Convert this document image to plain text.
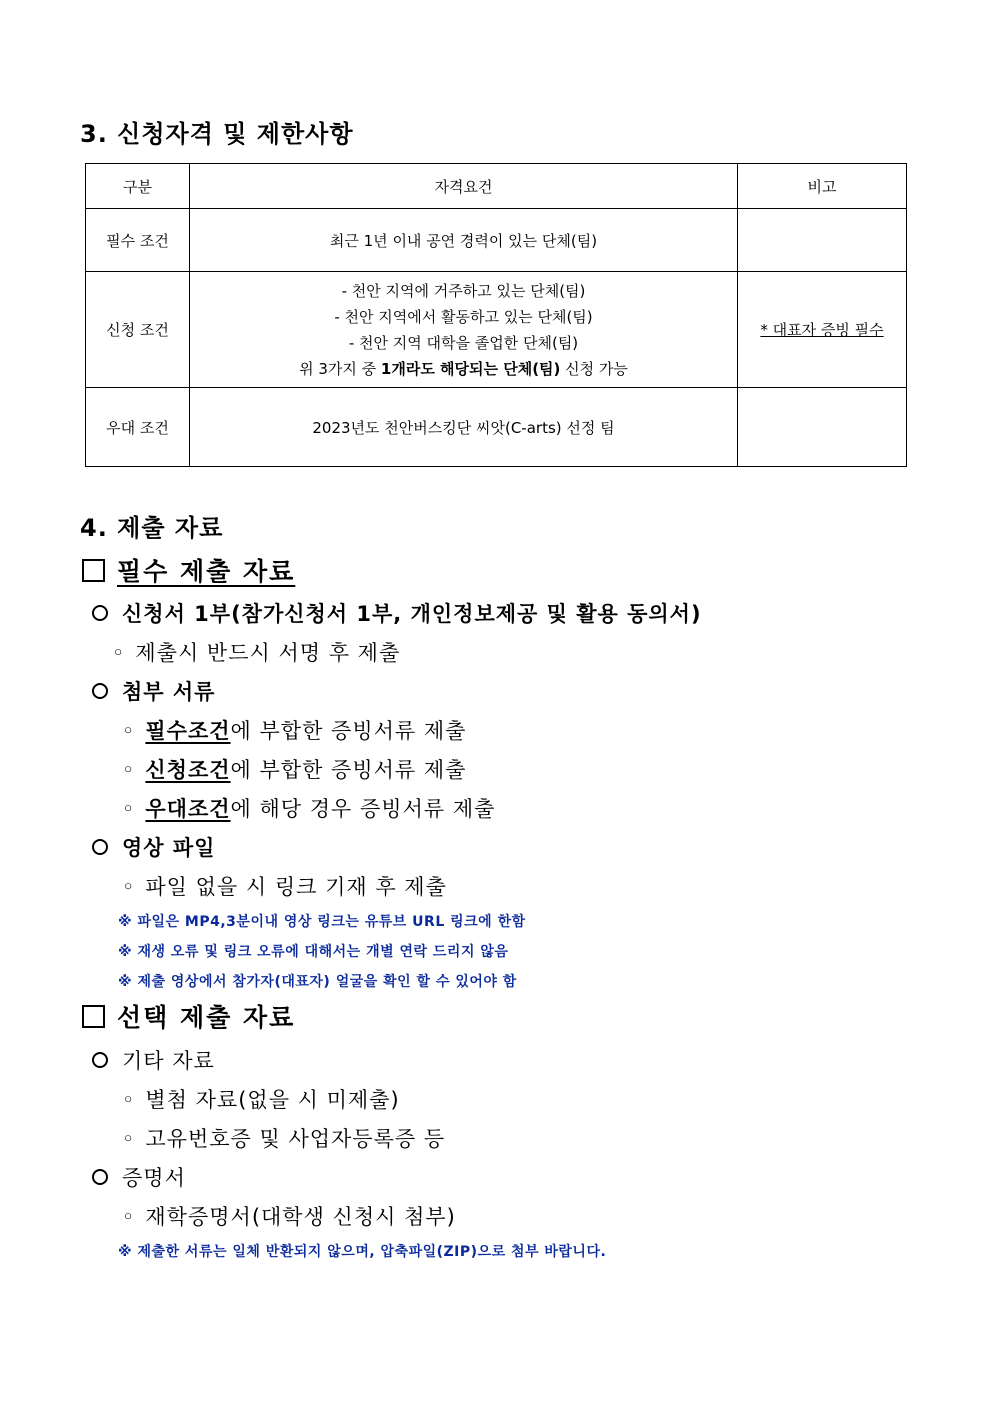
3. 신청자격 및 제한사항
구분	자격요건	비고
필수 조건	최근 1년 이내 공연 경력이 있는 단체(팀)	
신청 조건	- 천안 지역에 거주하고 있는 단체(팀)
- 천안 지역에서 활동하고 있는 단체(팀)
- 천안 지역 대학을 졸업한 단체(팀)
위 3가지 중 1개라도 해당되는 단체(팀) 신청 가능	* 대표자 증빙 필수
우대 조건	2023년도 천안버스킹단 씨앗(C-arts) 선정 팀	
4. 제출 자료
필수 제출 자료
신청서 1부(참가신청서 1부, 개인정보제공 및 활용 동의서)
◦ 제출시 반드시 서명 후 제출
첨부 서류
◦ 필수조건에 부합한 증빙서류 제출
◦ 신청조건에 부합한 증빙서류 제출
◦ 우대조건에 해당 경우 증빙서류 제출
영상 파일
◦ 파일 없을 시 링크 기재 후 제출
※ 파일은 MP4,3분이내 영상 링크는 유튜브 URL 링크에 한함
※ 재생 오류 및 링크 오류에 대해서는 개별 연락 드리지 않음
※ 제출 영상에서 참가자(대표자) 얼굴을 확인 할 수 있어야 함
선택 제출 자료
기타 자료
◦ 별첨 자료(없을 시 미제출)
◦ 고유번호증 및 사업자등록증 등
증명서
◦ 재학증명서(대학생 신청시 첨부)
※ 제출한 서류는 일체 반환되지 않으며, 압축파일(ZIP)으로 첨부 바랍니다.
